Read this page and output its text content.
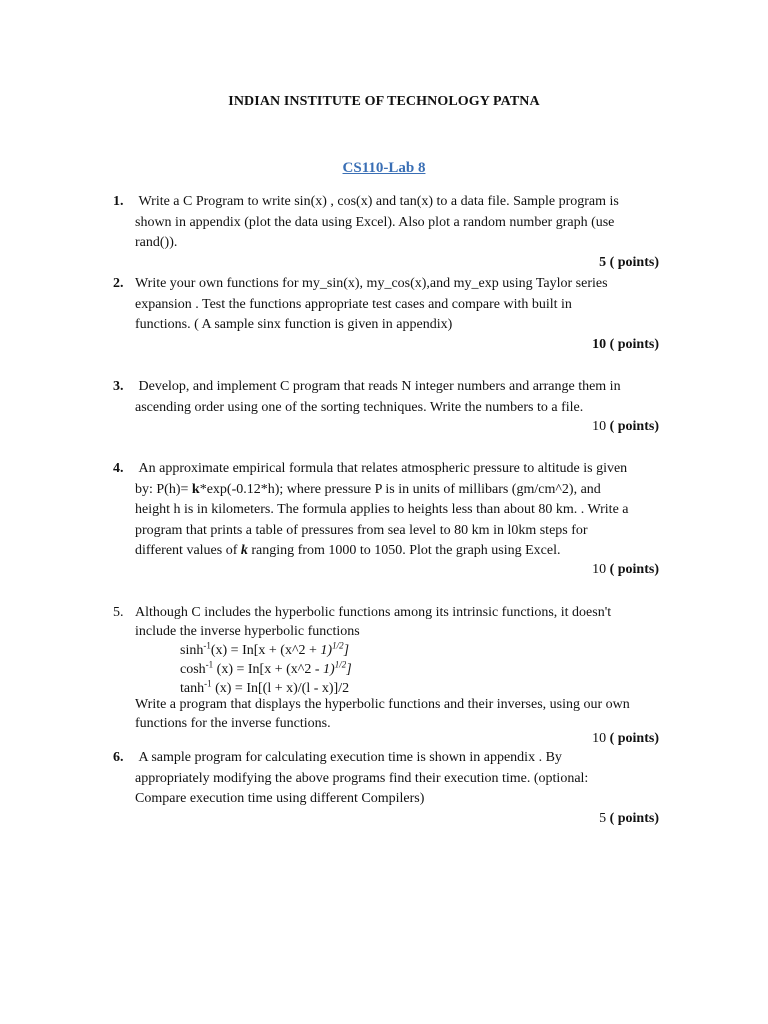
INDIAN INSTITUTE OF TECHNOLOGY PATNA
CS110-Lab 8
1. Write a C Program to write sin(x) , cos(x) and tan(x) to a data file. Sample program is

shown in appendix (plot the data using Excel). Also plot a random number graph (use

rand()).

5 ( points)
2. Write your own functions for my_sin(x), my_cos(x),and my_exp using Taylor series

expansion . Test the functions appropriate test cases and compare with built in

functions. ( A sample sinx function is given in appendix)

10 ( points)
3. Develop, and implement C program that reads N integer numbers and arrange them in

ascending order using one of the sorting techniques. Write the numbers to a file.

10 ( points)
4. An approximate empirical formula that relates atmospheric pressure to altitude is given

by: P(h)= k*exp(-0.12*h); where pressure P is in units of millibars (gm/cm^2), and

height h is in kilometers. The formula applies to heights less than about 80 km. . Write a

program that prints a table of pressures from sea level to 80 km in l0km steps for

different values of k ranging from 1000 to 1050. Plot the graph using Excel.

10 ( points)
5. Although C includes the hyperbolic functions among its intrinsic functions, it doesn't

include the inverse hyperbolic functions

$\sinh^{-1}(x) = In[x$ + (x^2 + 1)$^{1/2}$]

$\cosh^{-1} (x) = In[x$ + (x^2 - 1)$^{1/2}$]

$\tanh^{-1} (x) = In[(l + x)/(l - x)]/2$

Write a program that displays the hyperbolic functions and their inverses, using our own

functions for the inverse functions.

10 ( points)
6. A sample program for calculating execution time is shown in appendix . By

appropriately modifying the above programs find their execution time. (optional:

Compare execution time using different Compilers)

5 ( points)
